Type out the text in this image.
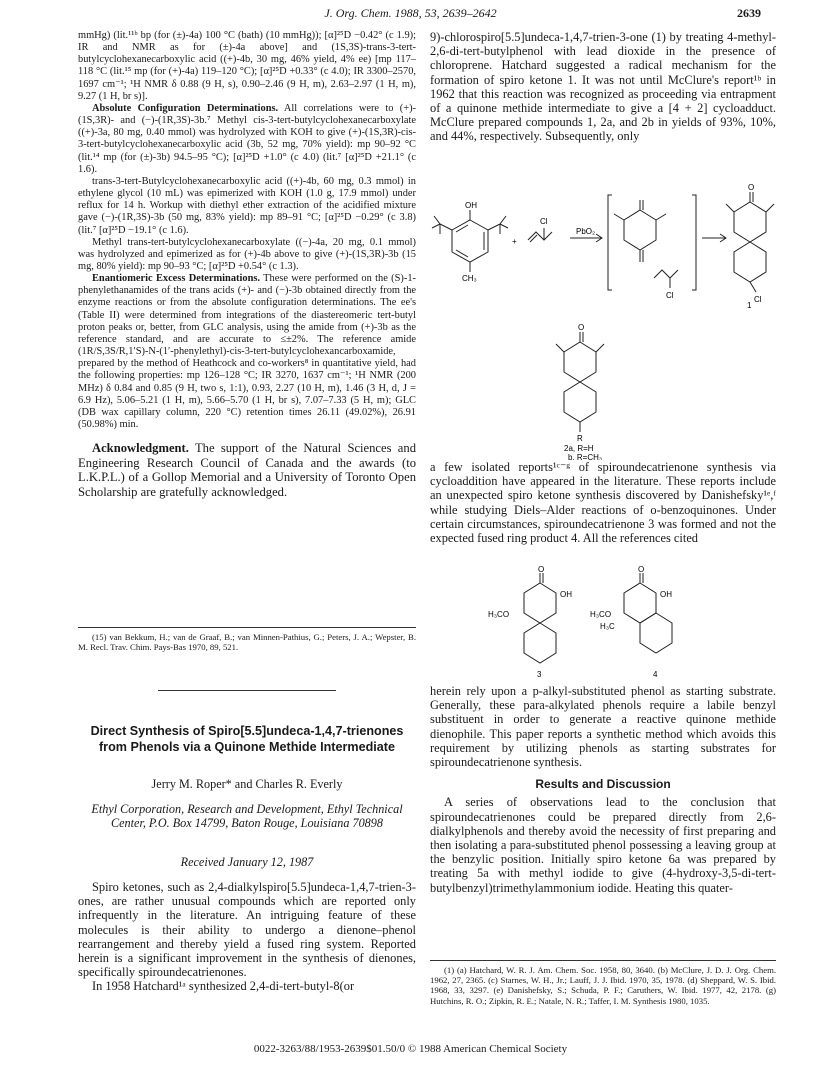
J. Org. Chem. 1988, 53, 2639–2642	2639

mmHg) (lit.¹¹ᵇ bp (for (±)-4a) 100 °C (bath) (10 mmHg)); [α]²⁵D −0.42° (c 1.9); IR and NMR as for (±)-4a above] and (1S,3S)-trans-3-tert-butylcyclohexanecarboxylic acid ((+)-4b, 30 mg, 46% yield, 4% ee) [mp 117–118 °C (lit.¹⁵ mp (for (+)-4a) 119–120 °C); [α]²⁵D +0.33° (c 4.0); IR 3300–2570, 1697 cm⁻¹; ¹H NMR δ 0.88 (9 H, s), 0.90–2.46 (9 H, m), 2.63–2.97 (1 H, m), 9.27 (1 H, br s)].

Absolute Configuration Determinations. All correlations were to (+)-(1S,3R)- and (−)-(1R,3S)-3b.⁷ Methyl cis-3-tert-butylcyclohexanecarboxylate ((+)-3a, 80 mg, 0.40 mmol) was hydrolyzed with KOH to give (+)-(1S,3R)-cis-3-tert-butylcyclohexanecarboxylic acid (3b, 52 mg, 70% yield): mp 90–92 °C (lit.¹⁴ mp (for (±)-3b) 94.5–95 °C); [α]²⁵D +1.0° (c 4.0) (lit.⁷ [α]²⁵D +21.1° (c 1.6).

trans-3-tert-Butylcyclohexanecarboxylic acid ((+)-4b, 60 mg, 0.3 mmol) in ethylene glycol (10 mL) was epimerized with KOH (1.0 g, 17.9 mmol) under reflux for 14 h. Workup with diethyl ether extraction of the acidified mixture gave (−)-(1R,3S)-3b (50 mg, 83% yield): mp 89–91 °C; [α]²⁵D −0.29° (c 3.8) (lit.⁷ [α]²⁵D −19.1° (c 1.6).

Methyl trans-tert-butylcyclohexanecarboxylate ((−)-4a, 20 mg, 0.1 mmol) was hydrolyzed and epimerized as for (+)-4b above to give (+)-(1S,3R)-3b (15 mg, 80% yield): mp 90–93 °C; [α]²⁵D +0.54° (c 1.3).

Enantiomeric Excess Determinations. These were performed on the (S)-1-phenylethanamides of the trans acids (+)- and (−)-3b obtained directly from the enzyme reactions or from the absolute configuration determinations. The ee's (Table II) were determined from integrations of the diastereomeric tert-butyl proton peaks or, better, from GLC analysis, using the amide from (+)-3b as the reference standard, and are accurate to ≤±2%. The reference amide (1R/S,3S/R,1′S)-N-(1′-phenylethyl)-cis-3-tert-butylcyclohexancarboxamide, prepared by the method of Heathcock and co-workers⁸ in quantitative yield, had the following properties: mp 126–128 °C; IR 3270, 1637 cm⁻¹; ¹H NMR (200 MHz) δ 0.84 and 0.85 (9 H, two s, 1:1), 0.93, 2.27 (10 H, m), 1.46 (3 H, d, J = 6.9 Hz), 5.06–5.21 (1 H, m), 5.66–5.70 (1 H, br s), 7.07–7.33 (5 H, m); GLC (DB wax capillary column, 220 °C) retention times 26.11 (49.02%), 26.91 (50.98%) min.

Acknowledgment. The support of the Natural Sciences and Engineering Research Council of Canada and the awards (to L.K.P.L.) of a Gollop Memorial and a University of Toronto Open Scholarship are gratefully acknowledged.

(15) van Bekkum, H.; van de Graaf, B.; van Minnen-Pathius, G.; Peters, J. A.; Wepster, B. M. Recl. Trav. Chim. Pays-Bas 1970, 89, 521.
Direct Synthesis of Spiro[5.5]undeca-1,4,7-trienones from Phenols via a Quinone Methide Intermediate
Jerry M. Roper* and Charles R. Everly
Ethyl Corporation, Research and Development, Ethyl Technical Center, P.O. Box 14799, Baton Rouge, Louisiana 70898
Received January 12, 1987

Spiro ketones, such as 2,4-dialkylspiro[5.5]undeca-1,4,7-trien-3-ones, are rather unusual compounds which are reported only infrequently in the literature. An intriguing feature of these molecules is their ability to undergo a dienone–phenol rearrangement and thereby yield a fused ring system. Reported herein is a significant improvement in the synthesis of dienones, specifically spiroundecatrienones.

In 1958 Hatchard¹ᵃ synthesized 2,4-di-tert-butyl-8(or

9)-chlorospiro[5.5]undeca-1,4,7-trien-3-one (1) by treating 4-methyl-2,6-di-tert-butylphenol with lead dioxide in the presence of chloroprene. Hatchard suggested a radical mechanism for the formation of spiro ketone 1. It was not until McClure's report¹ᵇ in 1962 that this reaction was recognized as proceeding via entrapment of a quinone methide intermediate to give a [4 + 2] cycloadduct. McClure prepared compounds 1, 2a, and 2b in yields of 93%, 10%, and 44%, respectively. Subsequently, only

OH
CH₃
+
Cl
PbO₂
Cl
O
Cl
1
O
R
2a, R=H
b, R=CH₃

a few isolated reports¹ᶜ⁻ᵍ of spiroundecatrienone synthesis via cycloaddition have appeared in the literature. These reports include an unexpected spiro ketone synthesis discovered by Danishefsky¹ᵉ,ᶠ while studying Diels–Alder reactions of o-benzoquinones. Under certain circumstances, spiroundecatrienone 3 was formed and not the expected fused ring product 4. All the references cited

O
OH
H₃CO
3
O
OH
H₃CO
H₃C
4

herein rely upon a p-alkyl-substituted phenol as starting substrate. Generally, these para-alkylated phenols require a labile benzyl substituent in order to generate a reactive quinone methide dienophile. This paper reports a synthetic method which avoids this requirement by utilizing phenols as starting substrates for spiroundecatrienone synthesis.

Results and Discussion

A series of observations lead to the conclusion that spiroundecatrienones could be prepared directly from 2,6-dialkylphenols and thereby avoid the necessity of first preparing and then isolating a para-substituted phenol possessing a leaving group at the benzylic position. Initially spiro ketone 6a was prepared by treating 5a with methyl iodide to give (4-hydroxy-3,5-di-tert-butylbenzyl)trimethylammonium iodide. Heating this quater-

(1) (a) Hatchard, W. R. J. Am. Chem. Soc. 1958, 80, 3640. (b) McClure, J. D. J. Org. Chem. 1962, 27, 2365. (c) Starnes, W. H., Jr.; Lauff, J. J. Ibid. 1970, 35, 1978. (d) Sheppard, W. S. Ibid. 1968, 33, 3297. (e) Danishefsky, S.; Schuda, P. F.; Caruthers, W. Ibid. 1977, 42, 2178. (g) Hutchins, R. O.; Zipkin, R. E.; Natale, N. R.; Taffer, I. M. Synthesis 1980, 1035.
0022-3263/88/1953-2639$01.50/0 © 1988 American Chemical Society
